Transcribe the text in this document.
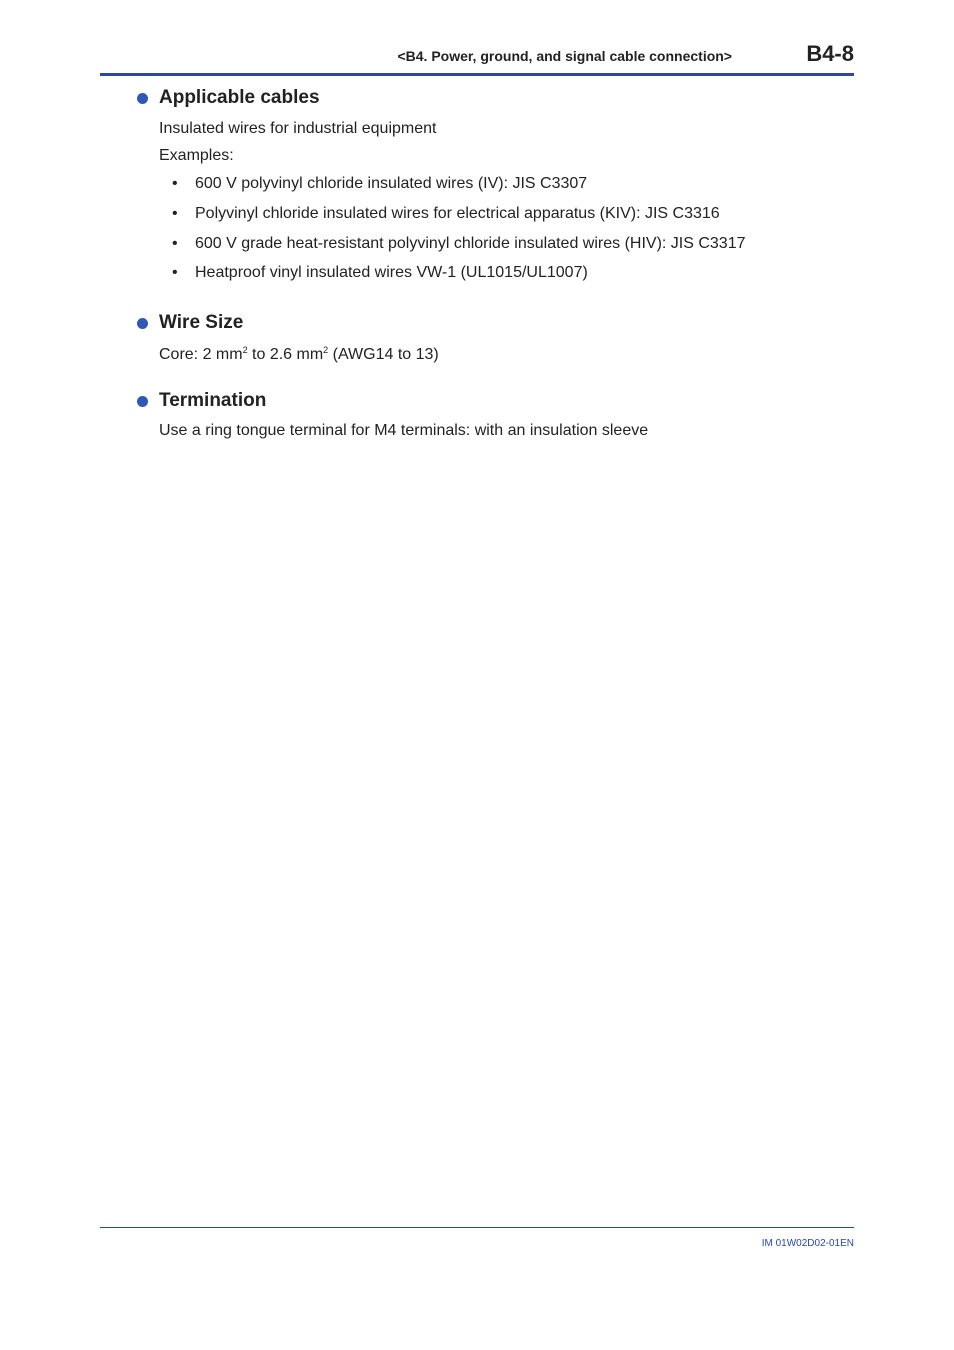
<B4. Power, ground, and signal cable connection>	B4-8
Applicable cables
Insulated wires for industrial equipment
Examples:
• 600 V polyvinyl chloride insulated wires (IV): JIS C3307
• Polyvinyl chloride insulated wires for electrical apparatus (KIV): JIS C3316
• 600 V grade heat-resistant polyvinyl chloride insulated wires (HIV): JIS C3317
• Heatproof vinyl insulated wires VW-1 (UL1015/UL1007)
Wire Size
Core: 2 $mm^2$ to 2.6 $mm^2$ (AWG14 to 13)
Termination
Use a ring tongue terminal for M4 terminals: with an insulation sleeve
IM 01W02D02-01EN
